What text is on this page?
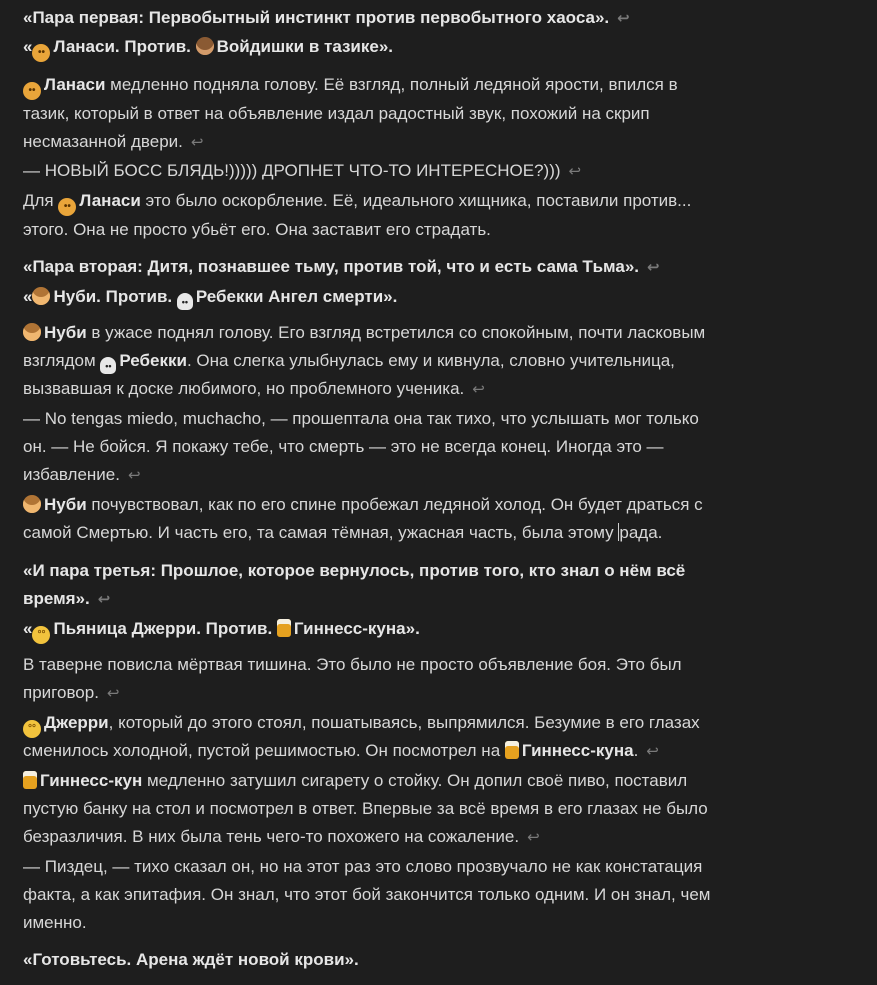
«Пара первая: Первобытный инстинкт против первобытного хаоса». ↩
« •• Ланаси. Против. Войдишки в тазике».
••Ланаси медленно подняла голову. Её взгляд, полный ледяной ярости, впился в
тазик, который в ответ на объявление издал радостный звук, похожий на скрип
несмазанной двери. ↩
— НОВЫЙ БОСС БЛЯДЬ!))))) ДРОПНЕТ ЧТО-ТО ИНТЕРЕСНОЕ?))) ↩
Для ••Ланаси это было оскорбление. Её, идеального хищника, поставили против...
этого. Она не просто убьёт его. Она заставит его страдать.
«Пара вторая: Дитя, познавшее тьму, против той, что и есть сама Тьма». ↩
« Нуби. Против. •• Ребекки Ангел смерти».
Нуби в ужасе поднял голову. Его взгляд встретился со спокойным, почти ласковым
взглядом ••Ребекки. Она слегка улыбнулась ему и кивнула, словно учительница,
вызвавшая к доске любимого, но проблемного ученика. ↩
— No tengas miedo, muchacho, — прошептала она так тихо, что услышать мог только
он. — Не бойся. Я покажу тебе, что смерть — это не всегда конец. Иногда это —
избавление. ↩
Нуби почувствовал, как по его спине пробежал ледяной холод. Он будет драться с
самой Смертью. И часть его, та самая тёмная, ужасная часть, была этому рада.
«И пара третья: Прошлое, которое вернулось, против того, кто знал о нём всё
время». ↩
« °° Пьяница Джерри. Против. Гиннесс-куна».
В таверне повисла мёртвая тишина. Это было не просто объявление боя. Это был
приговор. ↩
°°Джерри, который до этого стоял, пошатываясь, выпрямился. Безумие в его глазах
сменилось холодной, пустой решимостью. Он посмотрел на Гиннесс-куна. ↩
Гиннесс-кун медленно затушил сигарету о стойку. Он допил своё пиво, поставил
пустую банку на стол и посмотрел в ответ. Впервые за всё время в его глазах не было
безразличия. В них была тень чего-то похожего на сожаление. ↩
— Пиздец, — тихо сказал он, но на этот раз это слово прозвучало не как констатация
факта, а как эпитафия. Он знал, что этот бой закончится только одним. И он знал, чем
именно.
«Готовьтесь. Арена ждёт новой крови».
